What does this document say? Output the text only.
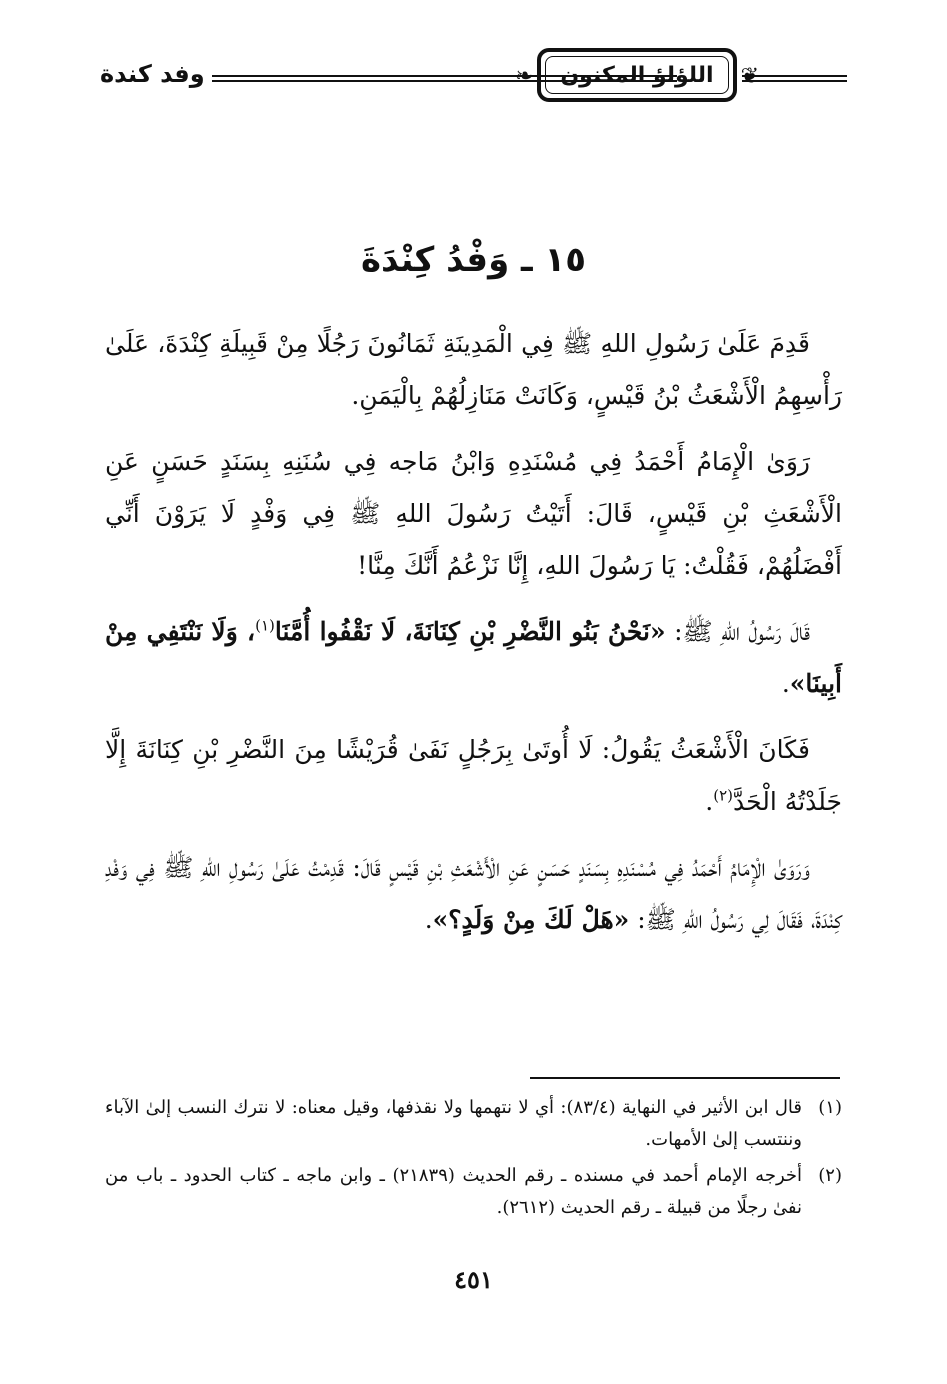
❦
اللؤلؤ المكنون
❧
وفد كندة
١٥ ـ وَفْدُ كِنْدَةَ

قَدِمَ عَلَىٰ رَسُولِ اللهِ ﷺ فِي الْمَدِينَةِ ثَمَانُونَ رَجُلًا مِنْ قَبِيلَةِ كِنْدَةَ، عَلَىٰ رَأْسِهِمُ الْأَشْعَثُ بْنُ قَيْسٍ، وَكَانَتْ مَنَازِلُهُمْ بِالْيَمَنِ.

رَوَىٰ الْإِمَامُ أَحْمَدُ فِي مُسْنَدِهِ وَابْنُ مَاجه فِي سُنَنِهِ بِسَنَدٍ حَسَنٍ عَنِ الْأَشْعَثِ بْنِ قَيْسٍ، قَالَ: أَتَيْتُ رَسُولَ اللهِ ﷺ فِي وَفْدٍ لَا يَرَوْنَ أَنِّي أَفْضَلُهُمْ، فَقُلْتُ: يَا رَسُولَ اللهِ، إِنَّا نَزْعُمُ أَنَّكَ مِنَّا!

قَالَ رَسُولُ اللهِ ﷺ: «نَحْنُ بَنُو النَّضْرِ بْنِ كِنَانَةَ، لَا نَقْفُوا أُمَّنَا$^{(١)}$، وَلَا نَنْتَفِي مِنْ أَبِينَا».

فَكَانَ الْأَشْعَثُ يَقُولُ: لَا أُوتَىٰ بِرَجُلٍ نَفَىٰ قُرَيْشًا مِنَ النَّضْرِ بْنِ كِنَانَةَ إِلَّا جَلَدْتُهُ الْحَدَّ$^{(٢)}$.

وَرَوَىٰ الْإِمَامُ أَحْمَدُ فِي مُسْنَدِهِ بِسَنَدٍ حَسَنٍ عَنِ الْأَشْعَثِ بْنِ قَيْسٍ قَالَ: قَدِمْتُ عَلَىٰ رَسُولِ اللهِ ﷺ فِي وَفْدِ كِنْدَةَ، فَقَالَ لِي رَسُولُ اللهِ ﷺ: «هَلْ لَكَ مِنْ وَلَدٍ؟».

(١)
قال ابن الأثير في النهاية (٨٣/٤): أي لا نتهمها ولا نقذفها، وقيل معناه: لا نترك النسب إلىٰ الآباء وننتسب إلىٰ الأمهات.
(٢)
أخرجه الإمام أحمد في مسنده ـ رقم الحديث (٢١٨٣٩) ـ وابن ماجه ـ كتاب الحدود ـ باب من نفىٰ رجلًا من قبيلة ـ رقم الحديث (٢٦١٢).
٤٥١
